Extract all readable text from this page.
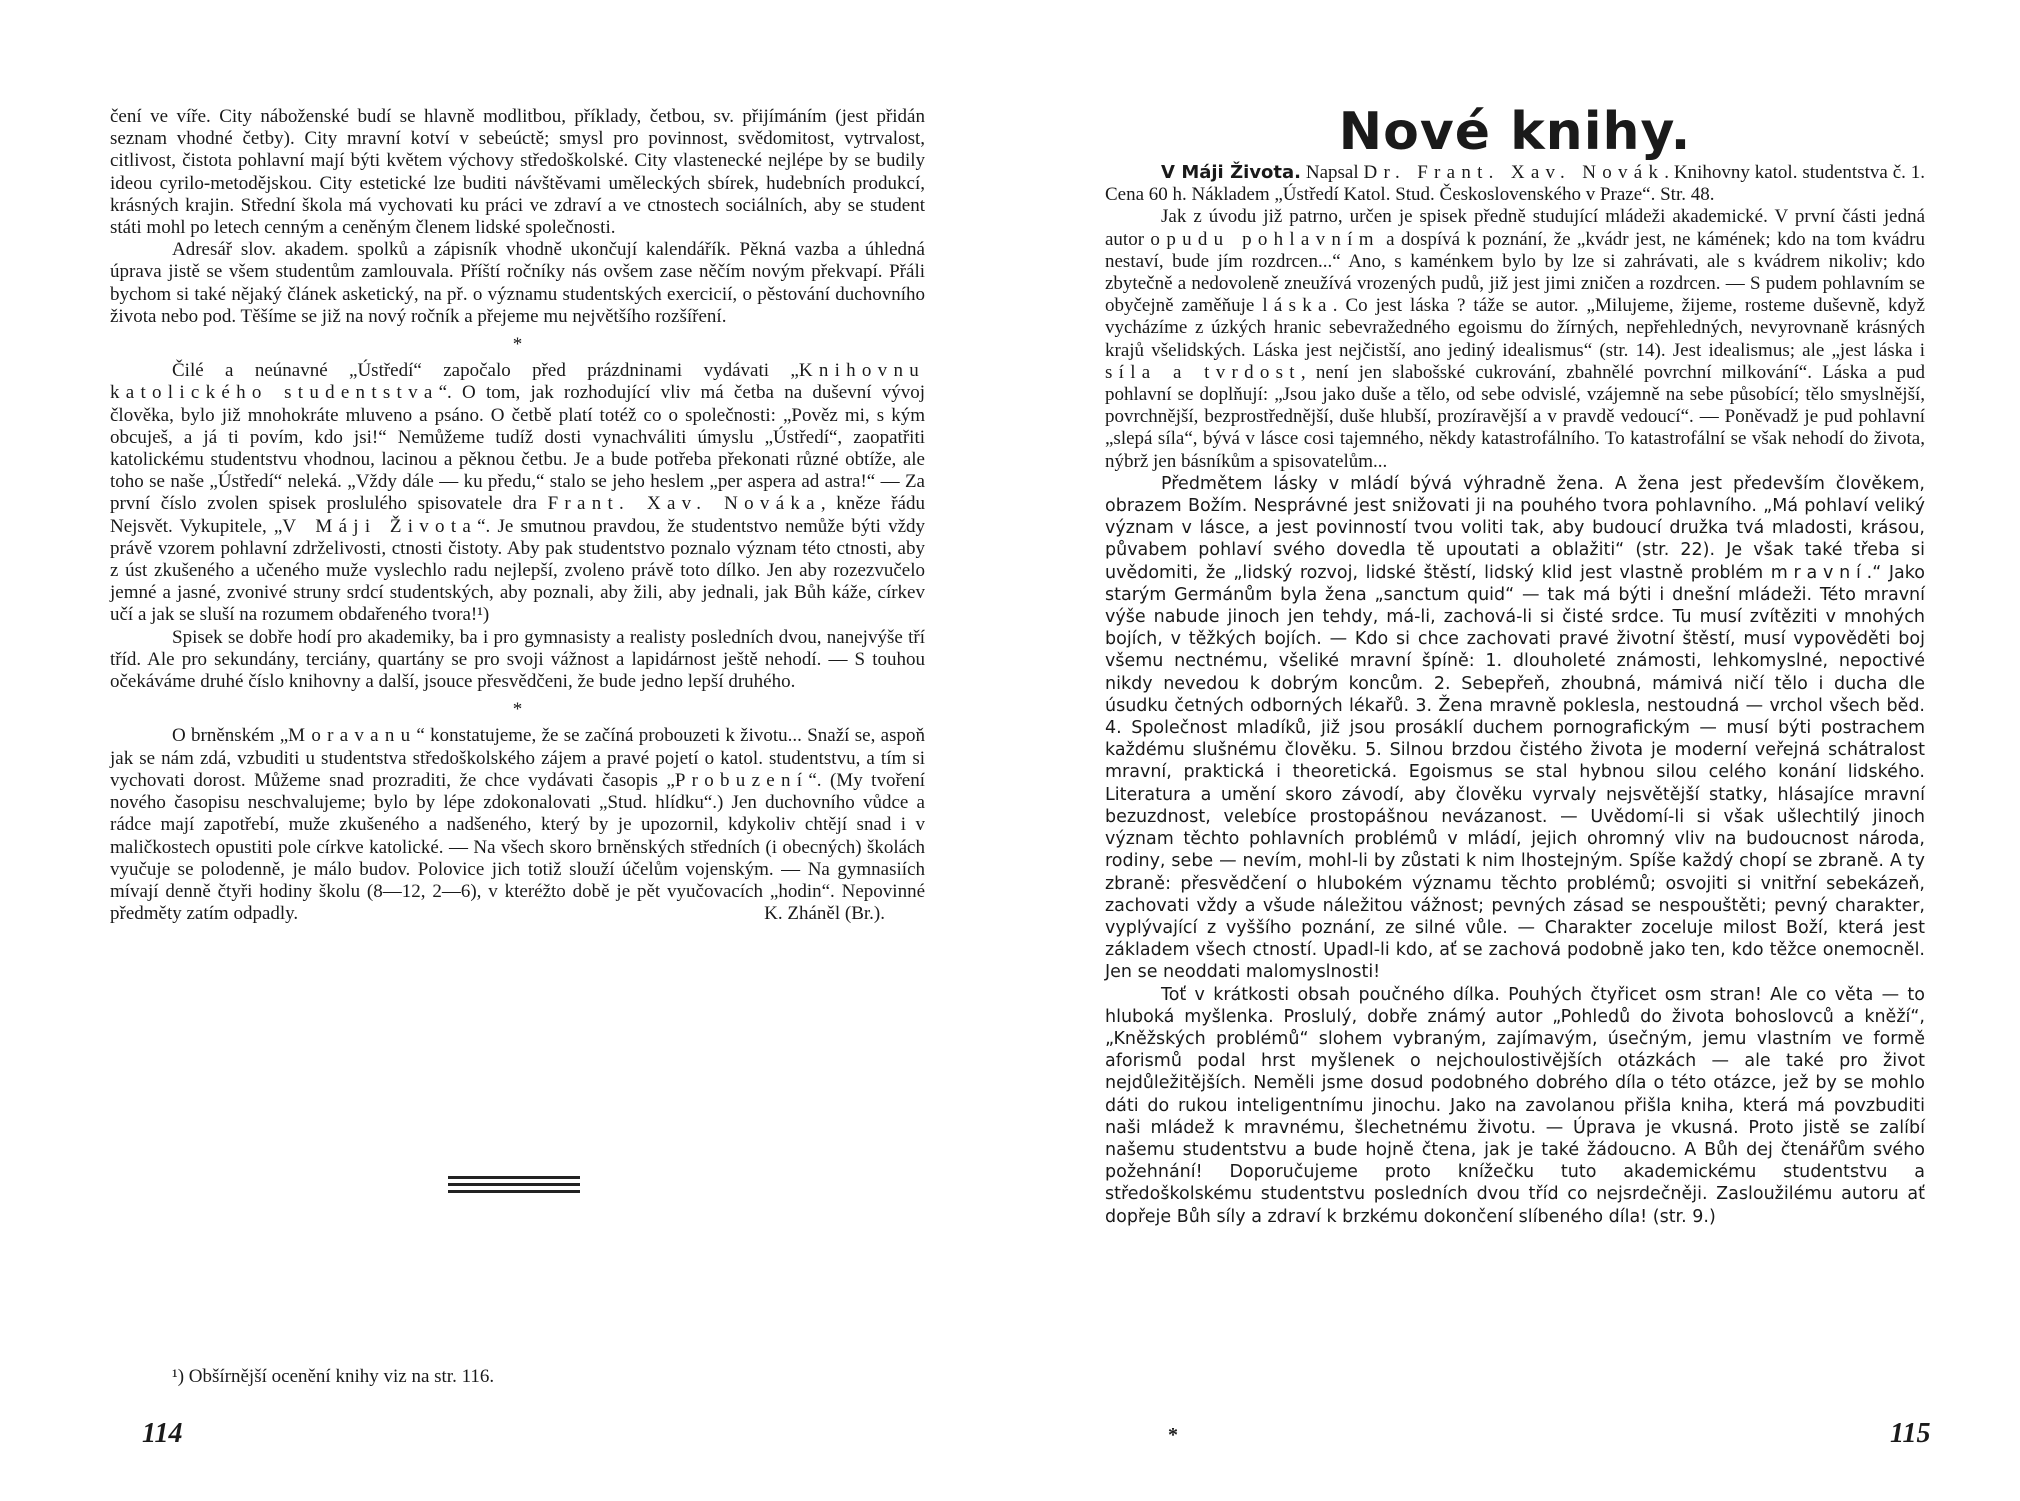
čení ve víře. City náboženské budí se hlavně modlitbou, příklady, četbou, sv. přijímáním (jest přidán seznam vhodné četby). City mravní kotví v sebeúctě; smysl pro povinnost, svědomitost, vytrvalost, citlivost, čistota pohlavní mají býti květem výchovy středoškolské. City vlastenecké nejlépe by se budily ideou cyrilo-metodějskou. City estetické lze buditi návštěvami uměleckých sbírek, hudebních produkcí, krásných krajin. Střední škola má vychovati ku práci ve zdraví a ve ctnostech sociálních, aby se student státi mohl po letech cenným a ceněným členem lidské společnosti.

Adresář slov. akadem. spolků a zápisník vhodně ukončují kalendářík. Pěkná vazba a úhledná úprava jistě se všem studentům zamlouvala. Příští ročníky nás ovšem zase něčím novým překvapí. Přáli bychom si také nějaký článek asketický, na př. o významu studentských exercicií, o pěstování duchovního života nebo pod. Těšíme se již na nový ročník a přejeme mu největšího rozšíření.

*

Čilé a neúnavné „Ústředí“ započalo před prázdninami vydávati „Knihovnu katolického studentstva“. O tom, jak rozhodující vliv má četba na duševní vývoj člověka, bylo již mnohokráte mluveno a psáno. O četbě platí totéž co o společnosti: „Pověz mi, s kým obcuješ, a já ti povím, kdo jsi!“ Nemůžeme tudíž dosti vynachváliti úmyslu „Ústředí“, zaopatřiti katolickému studentstvu vhodnou, lacinou a pěknou četbu. Je a bude potřeba překonati různé obtíže, ale toho se naše „Ústředí“ neleká. „Vždy dále — ku předu,“ stalo se jeho heslem „per aspera ad astra!“ — Za první číslo zvolen spisek proslulého spisovatele dra Frant. Xav. Nováka, kněze řádu Nejsvět. Vykupitele, „V Máji Života“. Je smutnou pravdou, že studentstvo nemůže býti vždy právě vzorem pohlavní zdrželivosti, ctnosti čistoty. Aby pak studentstvo poznalo význam této ctnosti, aby z úst zkušeného a učeného muže vyslechlo radu nejlepší, zvoleno právě toto dílko. Jen aby rozezvučelo jemné a jasné, zvonivé struny srdcí studentských, aby poznali, aby žili, aby jednali, jak Bůh káže, církev učí a jak se sluší na rozumem obdařeného tvora!¹)

Spisek se dobře hodí pro akademiky, ba i pro gymnasisty a realisty posledních dvou, nanejvýše tří tříd. Ale pro sekundány, terciány, quartány se pro svoji vážnost a lapidárnost ještě nehodí. — S touhou očekáváme druhé číslo knihovny a další, jsouce přesvědčeni, že bude jedno lepší druhého.

*

O brněnském „Moravanu“ konstatujeme, že se začíná probouzeti k životu... Snaží se, aspoň jak se nám zdá, vzbuditi u studentstva středoškolského zájem a pravé pojetí o katol. studentstvu, a tím si vychovati dorost. Můžeme snad prozraditi, že chce vydávati časopis „Probuzení“. (My tvoření nového časopisu neschvalujeme; bylo by lépe zdokonalovati „Stud. hlídku“.) Jen duchovního vůdce a rádce mají zapotřebí, muže zkušeného a nadšeného, který by je upozornil, kdykoliv chtějí snad i v maličkostech opustiti pole církve katolické. — Na všech skoro brněnských středních (i obecných) školách vyučuje se polodenně, je málo budov. Polovice jich totiž slouží účelům vojenským. — Na gymnasiích mívají denně čtyři hodiny školu (8—12, 2—6), v kteréžto době je pět vyučovacích „hodin“. Nepovinné předměty zatím odpadly.	K. Zháněl (Br.).

¹) Obšírnější ocenění knihy viz na str. 116.
114
Nové knihy.

V Máji Života. Napsal Dr. Frant. Xav. Novák. Knihovny katol. studentstva č. 1. Cena 60 h. Nákladem „Ústředí Katol. Stud. Československého v Praze“. Str. 48.

Jak z úvodu již patrno, určen je spisek předně studující mládeži akademické. V první části jedná autor o pudu pohlavním a dospívá k poznání, že „kvádr jest, ne kámének; kdo na tom kvádru nestaví, bude jím rozdrcen...“ Ano, s kaménkem bylo by lze si zahrávati, ale s kvádrem nikoliv; kdo zbytečně a nedovoleně zneužívá vrozených pudů, již jest jimi zničen a rozdrcen. — S pudem pohlavním se obyčejně zaměňuje láska. Co jest láska ? táže se autor. „Milujeme, žijeme, rosteme duševně, když vycházíme z úzkých hranic sebevražedného egoismu do žírných, nepřehledných, nevyrovnaně krásných krajů všelidských. Láska jest nejčistší, ano jediný idealismus“ (str. 14). Jest idealismus; ale „jest láska i síla a tvrdost, není jen slabošské cukrování, zbahnělé povrchní milkování“. Láska a pud pohlavní se doplňují: „Jsou jako duše a tělo, od sebe odvislé, vzájemně na sebe působící; tělo smyslnější, povrchnější, bezprostřednější, duše hlubší, prozíravější a v pravdě vedoucí“. — Poněvadž je pud pohlavní „slepá síla“, bývá v lásce cosi tajemného, někdy katastrofálního. To katastrofální se však nehodí do života, nýbrž jen básníkům a spisovatelům...

Předmětem lásky v mládí bývá výhradně žena. A žena jest především člověkem, obrazem Božím. Nesprávné jest snižovati ji na pouhého tvora pohlavního. „Má pohlaví veliký význam v lásce, a jest povinností tvou voliti tak, aby budoucí družka tvá mladosti, krásou, půvabem pohlaví svého dovedla tě upoutati a oblažiti“ (str. 22). Je však také třeba si uvědomiti, že „lidský rozvoj, lidské štěstí, lidský klid jest vlastně problém mravní.“ Jako starým Germánům byla žena „sanctum quid“ — tak má býti i dnešní mládeži. Této mravní výše nabude jinoch jen tehdy, má-li, zachová-li si čisté srdce. Tu musí zvítěziti v mnohých bojích, v těžkých bojích. — Kdo si chce zachovati pravé životní štěstí, musí vypověděti boj všemu nectnému, všeliké mravní špíně: 1. dlouholeté známosti, lehkomyslné, nepoctivé nikdy nevedou k dobrým koncům. 2. Sebepřeň, zhoubná, mámivá ničí tělo i ducha dle úsudku četných odborných lékařů. 3. Žena mravně poklesla, nestoudná — vrchol všech běd. 4. Společnost mladíků, již jsou prosáklí duchem pornografickým — musí býti postrachem každému slušnému člověku. 5. Silnou brzdou čistého života je moderní veřejná schátralost mravní, praktická i theoretická. Egoismus se stal hybnou silou celého konání lidského. Literatura a umění skoro závodí, aby člověku vyrvaly nejsvětější statky, hlásajíce mravní bezuzdnost, velebíce prostopášnou nevázanost. — Uvědomí-li si však ušlechtilý jinoch význam těchto pohlavních problémů v mládí, jejich ohromný vliv na budoucnost národa, rodiny, sebe — nevím, mohl-li by zůstati k nim lhostejným. Spíše každý chopí se zbraně. A ty zbraně: přesvědčení o hlubokém významu těchto problémů; osvojiti si vnitřní sebekázeň, zachovati vždy a všude náležitou vážnost; pevných zásad se nespouštěti; pevný charakter, vyplývající z vyššího poznání, ze silné vůle. — Charakter zoceluje milost Boží, která jest základem všech ctností. Upadl-li kdo, ať se zachová podobně jako ten, kdo těžce onemocněl. Jen se neoddati malomyslnosti!

Toť v krátkosti obsah poučného dílka. Pouhých čtyřicet osm stran! Ale co věta — to hluboká myšlenka. Proslulý, dobře známý autor „Pohledů do života bohoslovců a kněží“, „Kněžských problémů“ slohem vybraným, zajímavým, úsečným, jemu vlastním ve formě aforismů podal hrst myšlenek o nejchoulostivějších otázkách — ale také pro život nejdůležitějších. Neměli jsme dosud podobného dobrého díla o této otázce, jež by se mohlo dáti do rukou inteligentnímu jinochu. Jako na zavolanou přišla kniha, která má povzbuditi naši mládež k mravnému, šlechetnému životu. — Úprava je vkusná. Proto jistě se zalíbí našemu studentstvu a bude hojně čtena, jak je také žádoucno. A Bůh dej čtenářům svého požehnání! Doporučujeme proto knížečku tuto akademickému studentstvu a středoškolskému studentstvu posledních dvou tříd co nejsrdečněji. Zasloužilému autoru ať dopřeje Bůh síly a zdraví k brzkému dokončení slíbeného díla! (str. 9.)

*	115
